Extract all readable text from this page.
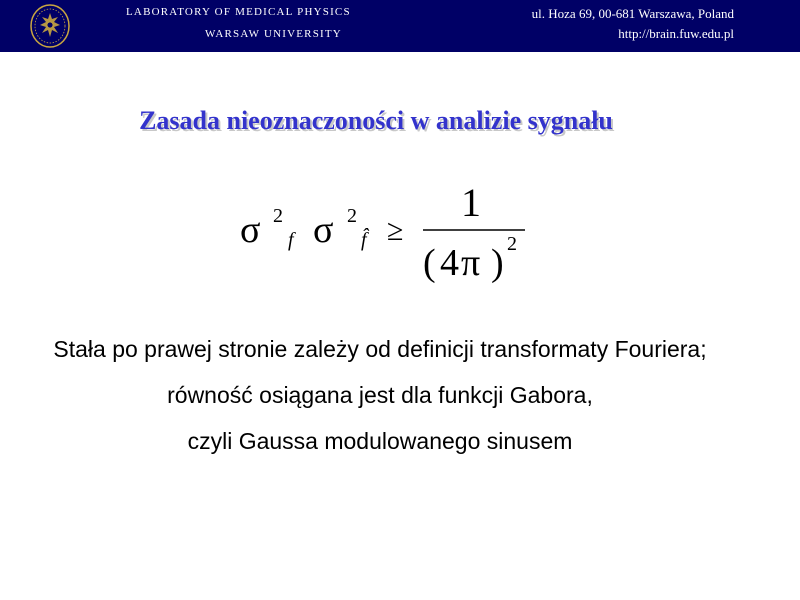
LABORATORY OF MEDICAL PHYSICS
WARSAW UNIVERSITY
ul. Hoza 69, 00-681 Warszawa, Poland
http://brain.fuw.edu.pl
Zasada nieoznaczoności w analizie sygnału
σ 2
f σ 2
f̂ ≥
1
( 4 π ) 2
Stała po prawej stronie zależy od definicji transformaty Fouriera;
równość osiągana jest dla funkcji Gabora,
czyli Gaussa modulowanego sinusem
